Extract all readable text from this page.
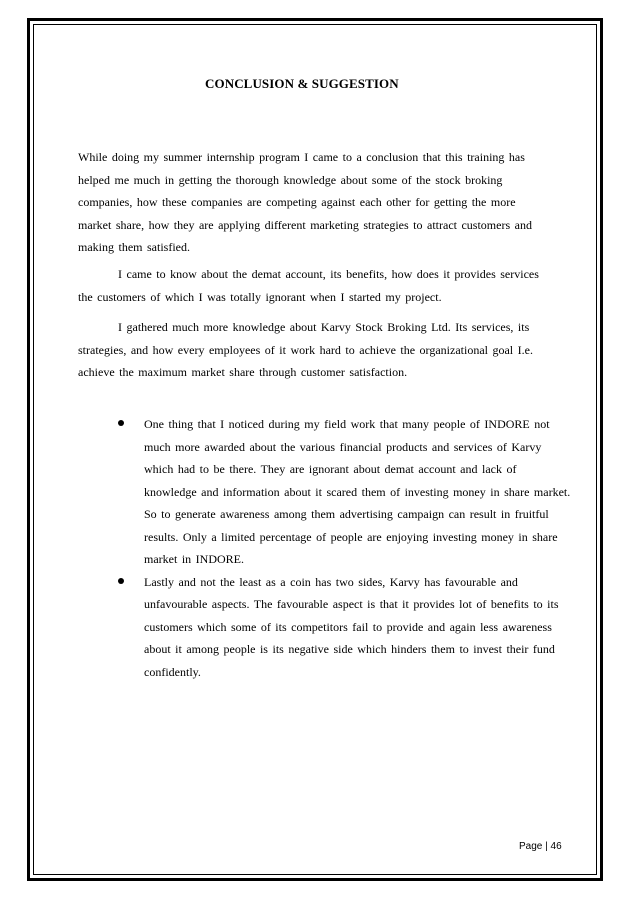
CONCLUSION & SUGGESTION
While doing my summer internship program I came to a conclusion that this training has helped me much in getting the thorough knowledge about some of the stock broking companies, how these companies are competing against each other for getting the more market share, how they are applying different marketing strategies to attract customers and making them satisfied.
I came to know about the demat account, its benefits, how does it provides services the customers of which I was totally ignorant when I started my project.
I gathered much more knowledge about Karvy Stock Broking Ltd. Its services, its strategies, and how every employees of it work hard to achieve the organizational goal I.e. achieve the maximum market share through customer satisfaction.
One thing that I noticed during my field work that many people of INDORE not much more awarded about the various financial products and services of Karvy which had to be there. They are ignorant about demat account and lack of knowledge and information about it scared them of investing money in share market. So to generate awareness among them advertising campaign can result in fruitful results. Only a limited percentage of people are enjoying investing money in share market in INDORE.
Lastly and not the least as a coin has two sides, Karvy has favourable and unfavourable aspects. The favourable aspect is that it provides lot of benefits to its customers which some of its competitors fail to provide and again less awareness about it among people is its negative side which hinders them to invest their fund confidently.
Page | 46
